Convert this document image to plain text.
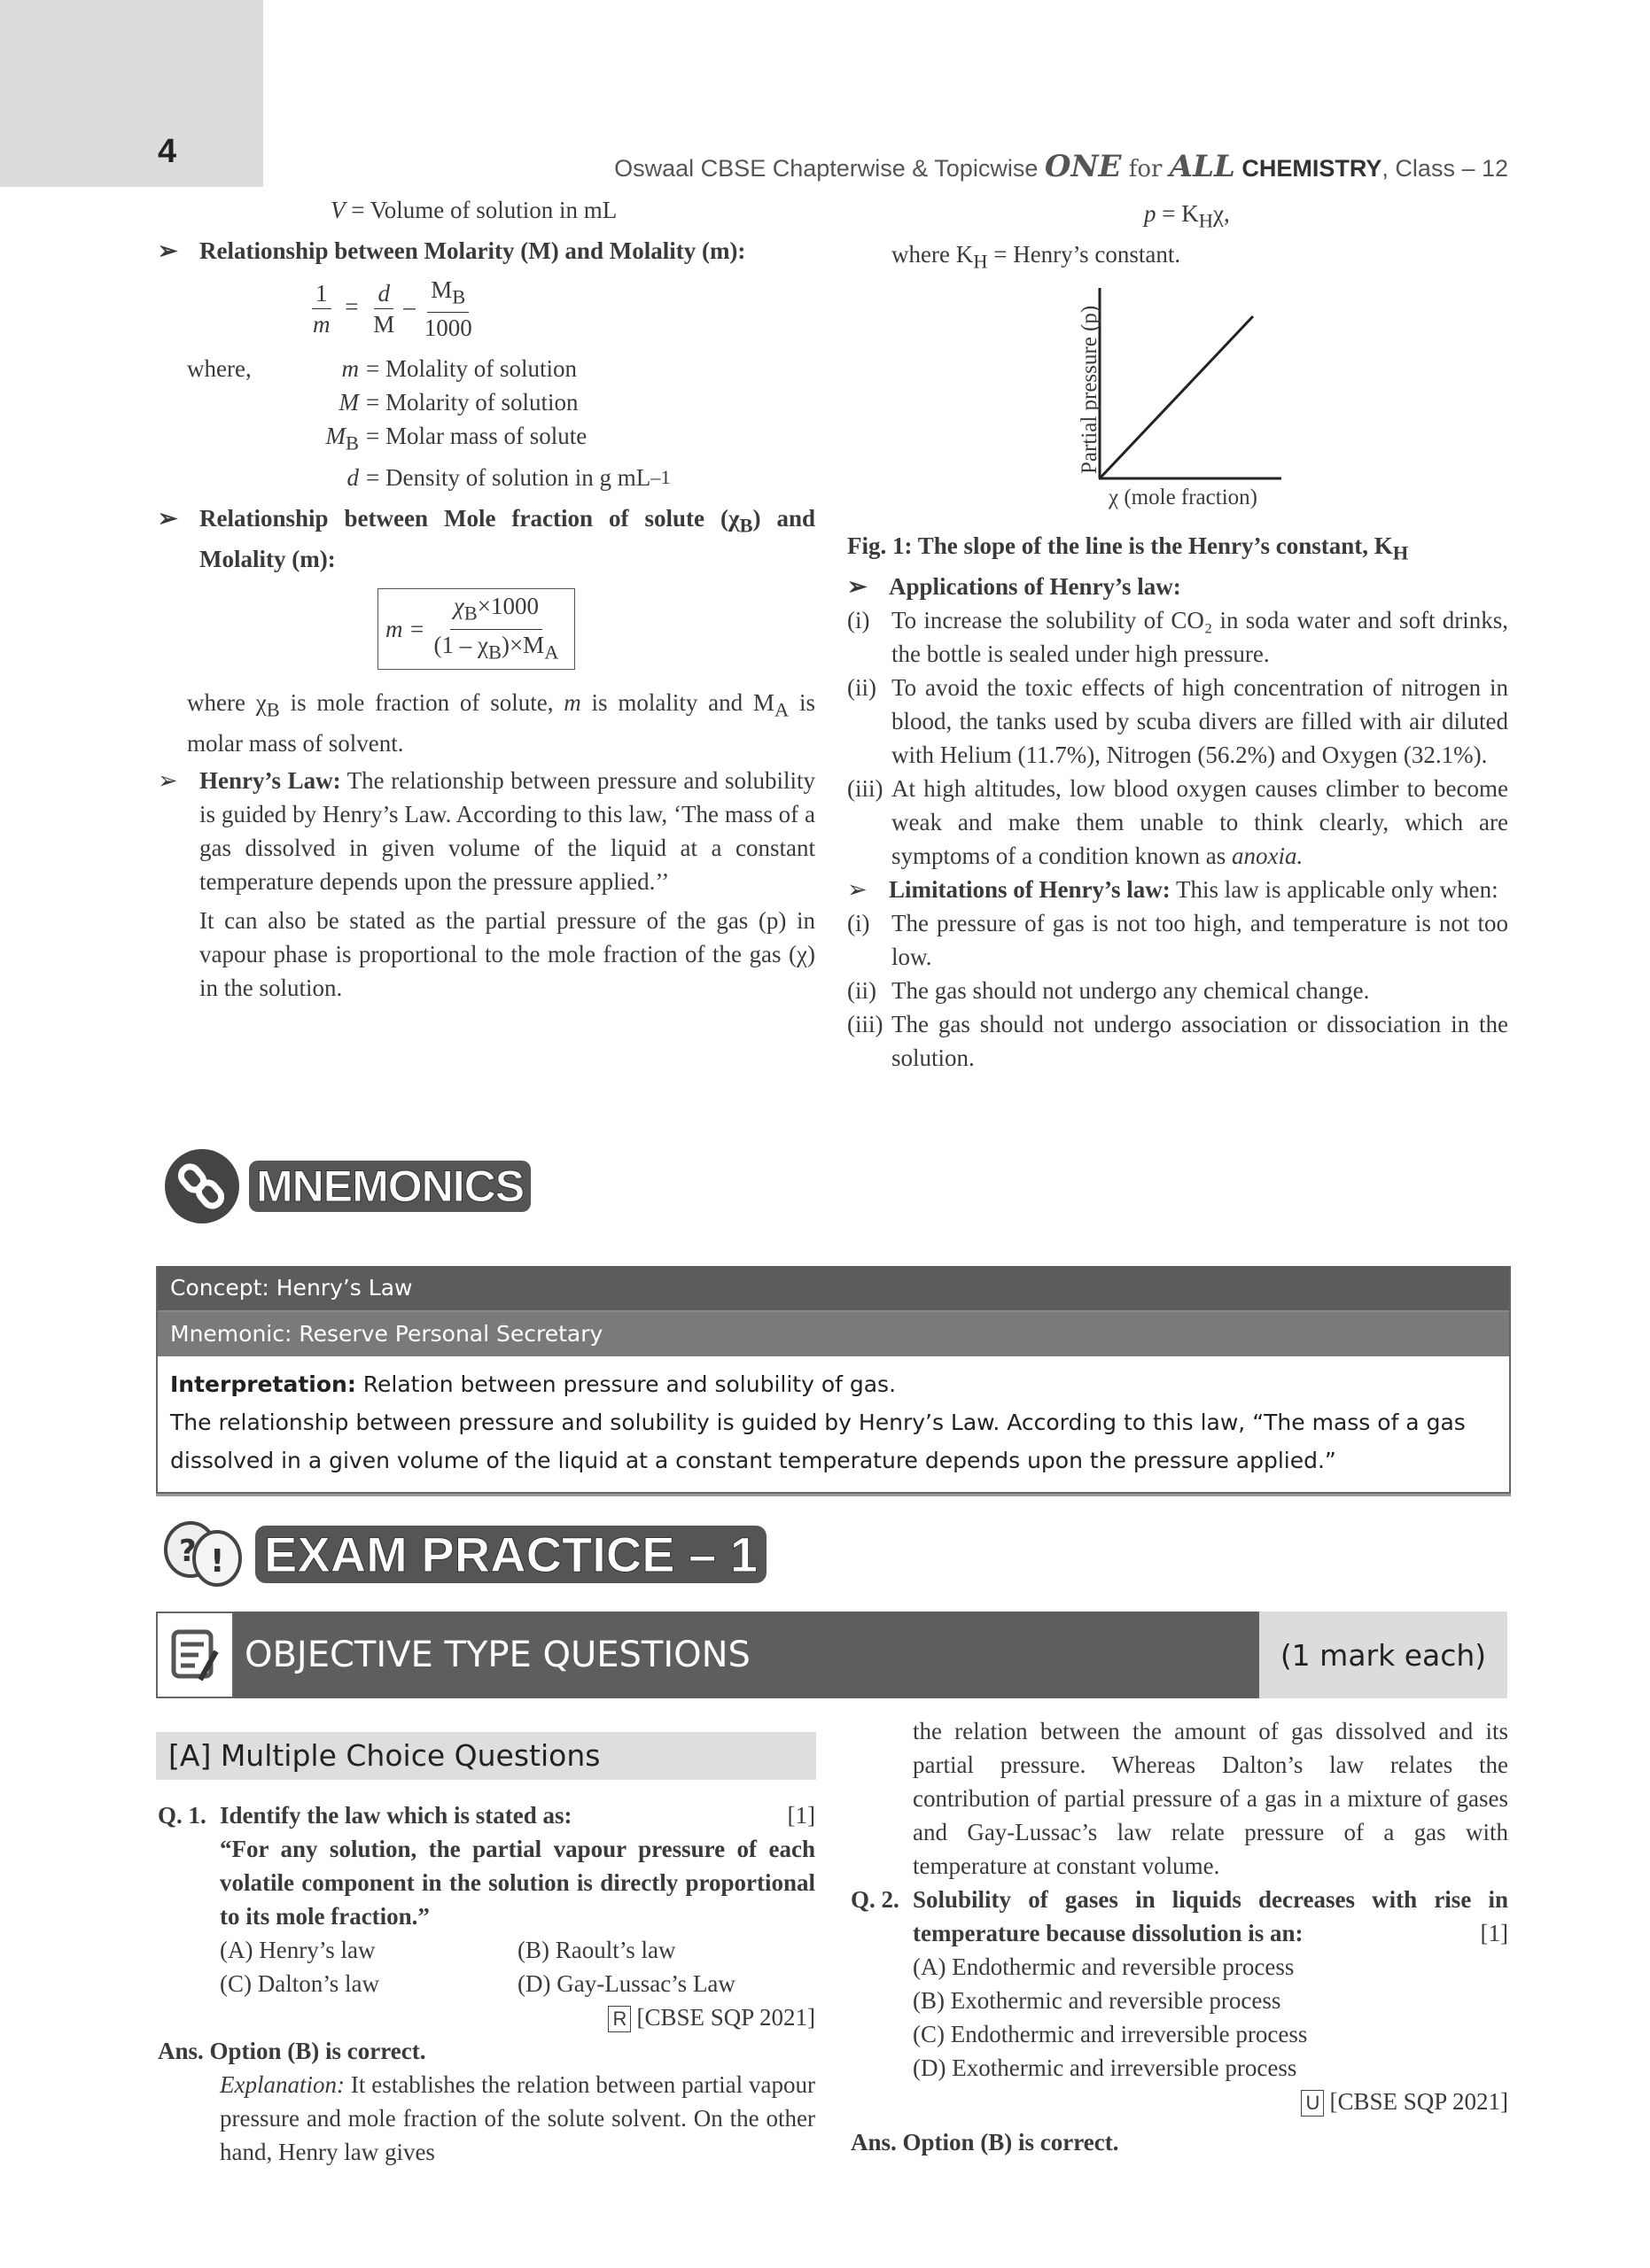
4	Oswaal CBSE Chapterwise & Topicwise ONE for ALL CHEMISTRY, Class – 12
V = Volume of solution in mL
➢ Relationship between Molarity (M) and Molality (m):
$\frac{1}{m} = \frac{d}{M} - \frac{M_B}{1000}$
where,	m = Molality of solution
M = Molarity of solution
$M_B$ = Molar mass of solute
d = Density of solution in g mL –1
➢ Relationship between Mole fraction of solute $(\chi_B)$ and Molality (m):
$m = \frac{\chi_B\times 1000}{(1 - \chi_B)\times M_A}$
where $\chi_B$ is mole fraction of solute, m is molality and $M_A$ is molar mass of solvent.
➢ Henry’s Law: The relationship between pressure and solubility is guided by Henry’s Law. According to this law, ‘The mass of a gas dissolved in given volume of the liquid at a constant temperature depends upon the pressure applied.’’
It can also be stated as the partial pressure of the gas (p) in vapour phase is proportional to the mole fraction of the gas (χ) in the solution.
$p = K_H\chi$,
where $K_H$ = Henry’s constant.
Partial pressure (p)
χ (mole fraction)
Fig. 1: The slope of the line is the Henry’s constant, $K_H$
➢ Applications of Henry’s law:
(i) To increase the solubility of CO₂ in soda water and soft drinks, the bottle is sealed under high pressure.
(ii) To avoid the toxic effects of high concentration of nitrogen in blood, the tanks used by scuba divers are filled with air diluted with Helium (11.7%), Nitrogen (56.2%) and Oxygen (32.1%).
(iii) At high altitudes, low blood oxygen causes climber to become weak and make them unable to think clearly, which are symptoms of a condition known as anoxia.
➢ Limitations of Henry’s law: This law is applicable only when:
(i) The pressure of gas is not too high, and temperature is not too low.
(ii) The gas should not undergo any chemical change.
(iii) The gas should not undergo association or dissociation in the solution.
MNEMONICS
Concept: Henry’s Law
Mnemonic: Reserve Personal Secretary
Interpretation: Relation between pressure and solubility of gas.
The relationship between pressure and solubility is guided by Henry’s Law. According to this law, “The mass of a gas dissolved in a given volume of the liquid at a constant temperature depends upon the pressure applied.”
? ! EXAM PRACTICE – 1
OBJECTIVE TYPE QUESTIONS	(1 mark each)
[A] Multiple Choice Questions
Q. 1. Identify the law which is stated as:	[1]
“For any solution, the partial vapour pressure of each volatile component in the solution is directly proportional to its mole fraction.”
(A) Henry’s law	(B) Raoult’s law
(C) Dalton’s law	(D) Gay-Lussac’s Law
R [CBSE SQP 2021]
Ans. Option (B) is correct.
Explanation: It establishes the relation between partial vapour pressure and mole fraction of the solute solvent. On the other hand, Henry law gives
the relation between the amount of gas dissolved and its partial pressure. Whereas Dalton’s law relates the contribution of partial pressure of a gas in a mixture of gases and Gay-Lussac’s law relate pressure of a gas with temperature at constant volume.
Q. 2. Solubility of gases in liquids decreases with rise in temperature because dissolution is an:	[1]
(A) Endothermic and reversible process
(B) Exothermic and reversible process
(C) Endothermic and irreversible process
(D) Exothermic and irreversible process
U [CBSE SQP 2021]
Ans. Option (B) is correct.
